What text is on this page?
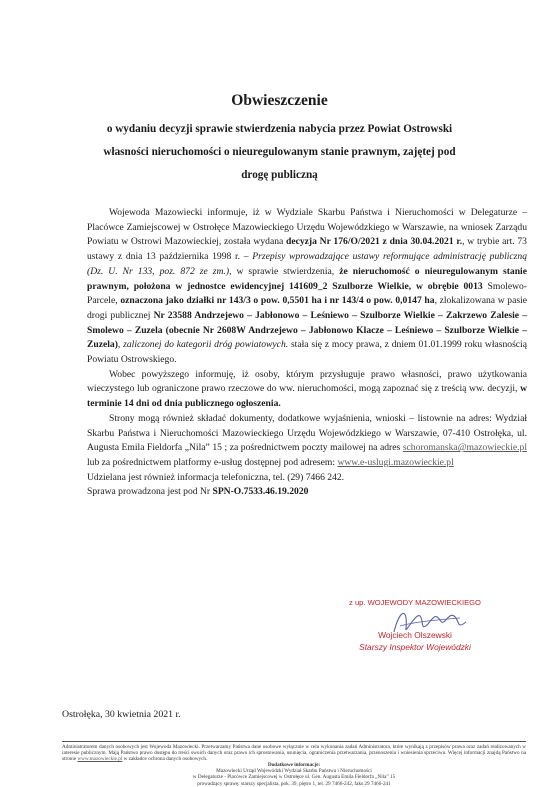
Obwieszczenie
o wydaniu decyzji sprawie stwierdzenia nabycia przez Powiat Ostrowski
własności nieruchomości o nieuregulowanym stanie prawnym, zajętej pod
drogę publiczną

Wojewoda Mazowiecki informuje, iż w Wydziale Skarbu Państwa i Nieruchomości w Delegaturze – Placówce Zamiejscowej w Ostrołęce Mazowieckiego Urzędu Wojewódzkiego w Warszawie, na wniosek Zarządu Powiatu w Ostrowi Mazowieckiej, została wydana decyzja Nr 176/O/2021 z dnia 30.04.2021 r., w trybie art. 73 ustawy z dnia 13 października 1998 r. – Przepisy wprowadzające ustawy reformujące administrację publiczną (Dz. U. Nr 133, poz. 872 ze zm.), w sprawie stwierdzenia, że nieruchomość o nieuregulowanym stanie prawnym, położona w jednostce ewidencyjnej 141609_2 Szulborze Wielkie, w obrębie 0013 Smolewo-Parcele, oznaczona jako działki nr 143/3 o pow. 0,5501 ha i nr 143/4 o pow. 0,0147 ha, zlokalizowana w pasie drogi publicznej Nr 23588 Andrzejewo – Jabłonowo – Leśniewo – Szulborze Wielkie – Zakrzewo Zalesie – Smolewo – Zuzela (obecnie Nr 2608W Andrzejewo – Jabłonowo Klacze – Leśniewo – Szulborze Wielkie – Zuzela), zaliczonej do kategorii dróg powiatowych. stała się z mocy prawa, z dniem 01.01.1999 roku własnością Powiatu Ostrowskiego.

Wobec powyższego informuję, iż osoby, którym przysługuje prawo własności, prawo użytkowania wieczystego lub ograniczone prawo rzeczowe do ww. nieruchomości, mogą zapoznać się z treścią ww. decyzji, w terminie 14 dni od dnia publicznego ogłoszenia.

Strony mogą również składać dokumenty, dodatkowe wyjaśnienia, wnioski – listownie na adres: Wydział Skarbu Państwa i Nieruchomości Mazowieckiego Urzędu Wojewódzkiego w Warszawie, 07-410 Ostrołęka, ul. Augusta Emila Fieldorfa „Nila” 15 ; za pośrednictwem poczty mailowej na adres schoromanska@mazowieckie.pl lub za pośrednictwem platformy e-usług dostępnej pod adresem: www.e-uslugi.mazowieckie.pl

Udzielana jest również informacja telefoniczna, tel. (29) 7466 242.

Sprawa prowadzona jest pod Nr SPN-O.7533.46.19.2020

z up. WOJEWODY MAZOWIECKIEGO
Wojciech Olszewski
Starszy Inspektor Wojewódzki
Ostrołęka, 30 kwietnia 2021 r.
Administratorem danych osobowych jest Wojewoda Mazowiecki. Przetwarzamy Państwa dane osobowe wyłącznie w celu wykonania zadań Administratora, które wynikają z przepisów prawa oraz zadań realizowanych w interesie publicznym. Mają Państwo prawo dostępu do treści swoich danych oraz prawo ich sprostowania, usunięcia, ograniczenia przetwarzania, przenoszenia i wniesienia sprzeciwu. Więcej informacji znajdą Państwo na stronie www.mazowieckie.pl w zakładce ochrona danych osobowych.
Dodatkowe informacje:
Mazowiecki Urząd Wojewódzki Wydział Skarbu Państwa i Nieruchomości
w Delegaturze - Placówce Zamiejscowej w Ostrołęce ul. Gen. Augusta Emila Fieldorfa „Nila” 15
prowadzący sprawę: starszy specjalista, pok. 39, piętro 1, tel. 29 7466-242, faks 29 7466-241
